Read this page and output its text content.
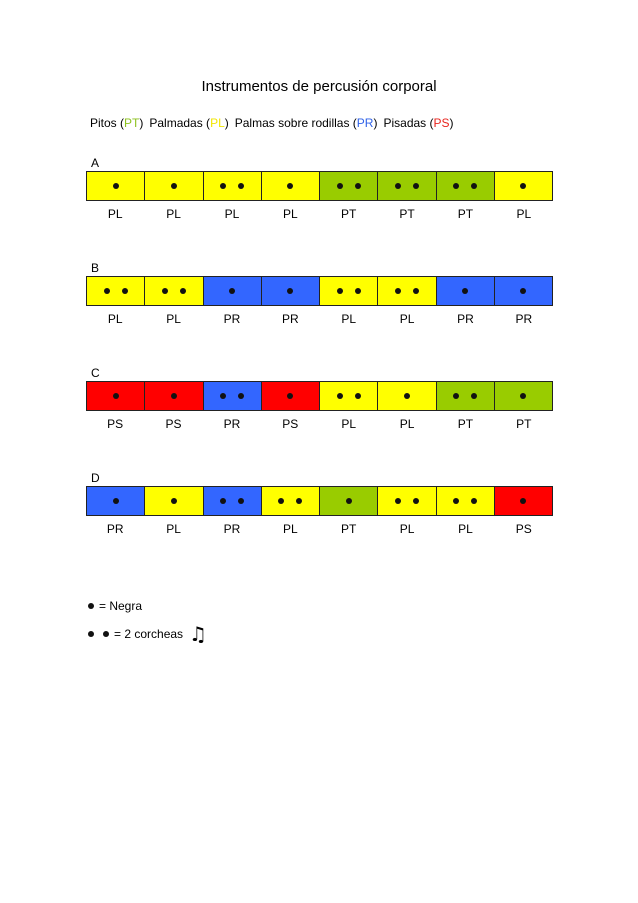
Instrumentos de percusión corporal
Pitos (PT) Palmadas (PL) Palmas sobre rodillas (PR) Pisadas (PS)
A
PL	PL	PL	PL	PT	PT	PT	PL
B
PL	PL	PR	PR	PL	PL	PR	PR
C
PS	PS	PR	PS	PL	PL	PT	PT
D
PR	PL	PR	PL	PT	PL	PL	PS
= Negra
= 2 corcheas ♫
